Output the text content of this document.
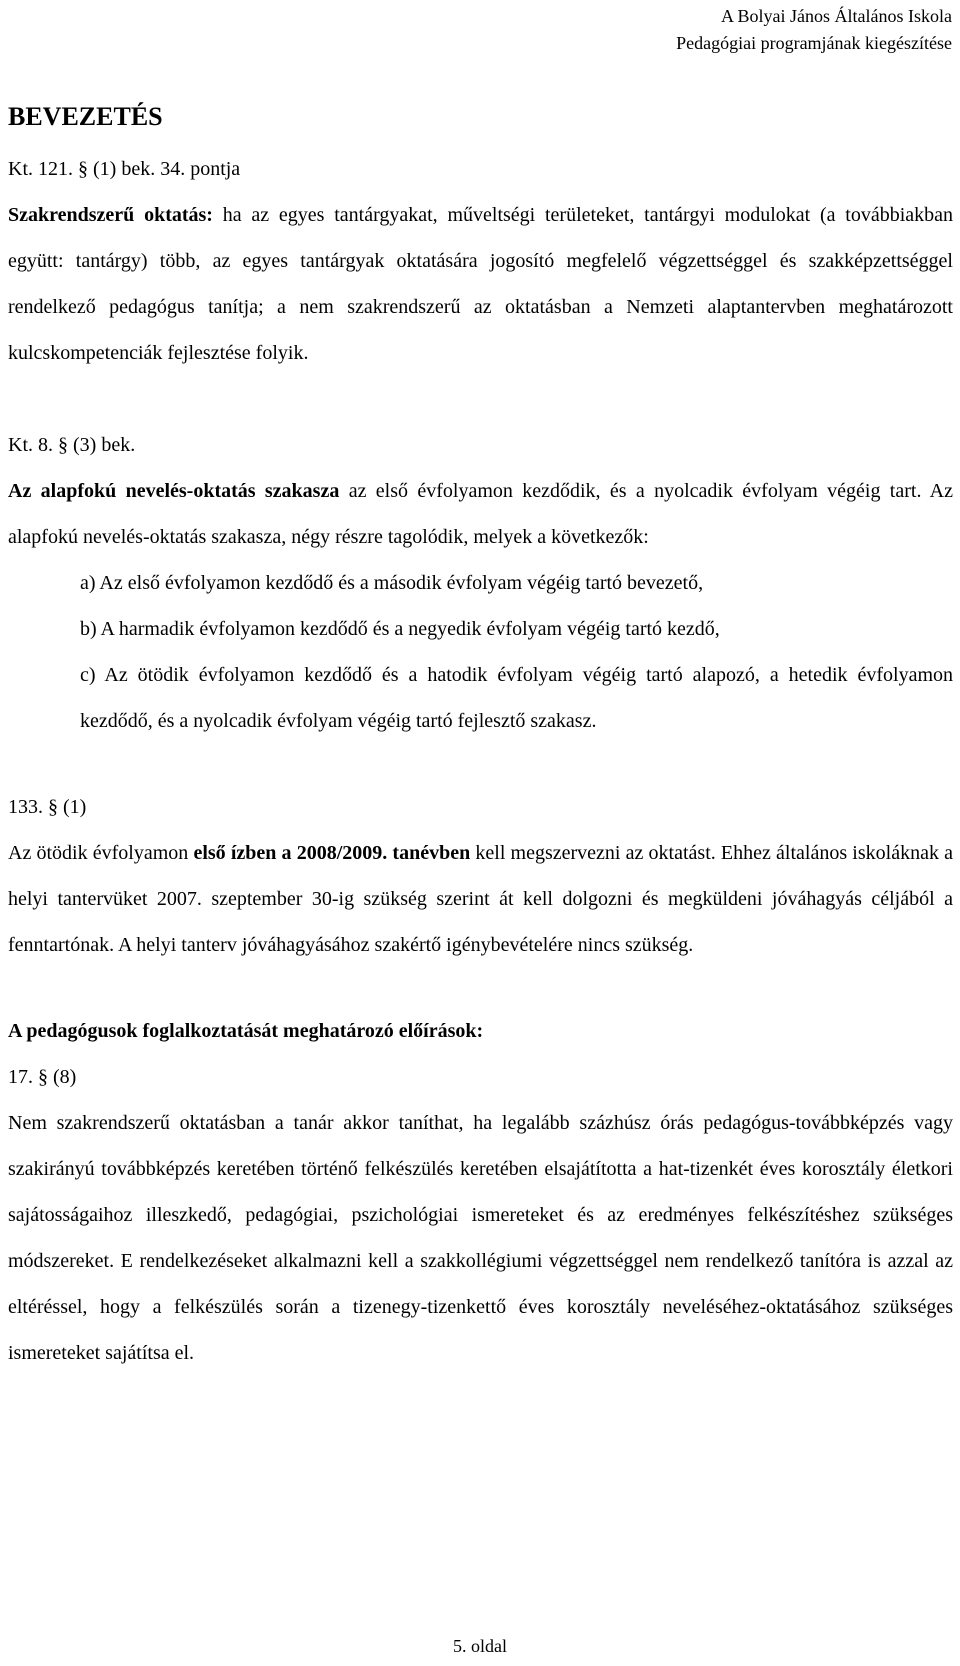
A Bolyai János Általános Iskola
Pedagógiai programjának kiegészítése
BEVEZETÉS

Kt. 121. § (1) bek. 34. pontja

Szakrendszerű oktatás: ha az egyes tantárgyakat, műveltségi területeket, tantárgyi modulokat (a továbbiakban együtt: tantárgy) több, az egyes tantárgyak oktatására jogosító megfelelő végzettséggel és szakképzettséggel rendelkező pedagógus tanítja; a nem szakrendszerű az oktatásban a Nemzeti alaptantervben meghatározott kulcskompetenciák fejlesztése folyik.

Kt. 8. § (3) bek.

Az alapfokú nevelés-oktatás szakasza az első évfolyamon kezdődik, és a nyolcadik évfolyam végéig tart. Az alapfokú nevelés-oktatás szakasza, négy részre tagolódik, melyek a következők:

a) Az első évfolyamon kezdődő és a második évfolyam végéig tartó bevezető,
b) A harmadik évfolyamon kezdődő és a negyedik évfolyam végéig tartó kezdő,
c) Az ötödik évfolyamon kezdődő és a hatodik évfolyam végéig tartó alapozó, a hetedik évfolyamon kezdődő, és a nyolcadik évfolyam végéig tartó fejlesztő szakasz.

133. § (1)

Az ötödik évfolyamon első ízben a 2008/2009. tanévben kell megszervezni az oktatást. Ehhez általános iskoláknak a helyi tantervüket 2007. szeptember 30-ig szükség szerint át kell dolgozni és megküldeni jóváhagyás céljából a fenntartónak. A helyi tanterv jóváhagyásához szakértő igénybevételére nincs szükség.

A pedagógusok foglalkoztatását meghatározó előírások:

17. § (8)

Nem szakrendszerű oktatásban a tanár akkor taníthat, ha legalább százhúsz órás pedagógus-továbbképzés vagy szakirányú továbbképzés keretében történő felkészülés keretében elsajátította a hat-tizenkét éves korosztály életkori sajátosságaihoz illeszkedő, pedagógiai, pszichológiai ismereteket és az eredményes felkészítéshez szükséges módszereket. E rendelkezéseket alkalmazni kell a szakkollégiumi végzettséggel nem rendelkező tanítóra is azzal az eltéréssel, hogy a felkészülés során a tizenegy-tizenkettő éves korosztály neveléséhez-oktatásához szükséges ismereteket sajátítsa el.

5. oldal
